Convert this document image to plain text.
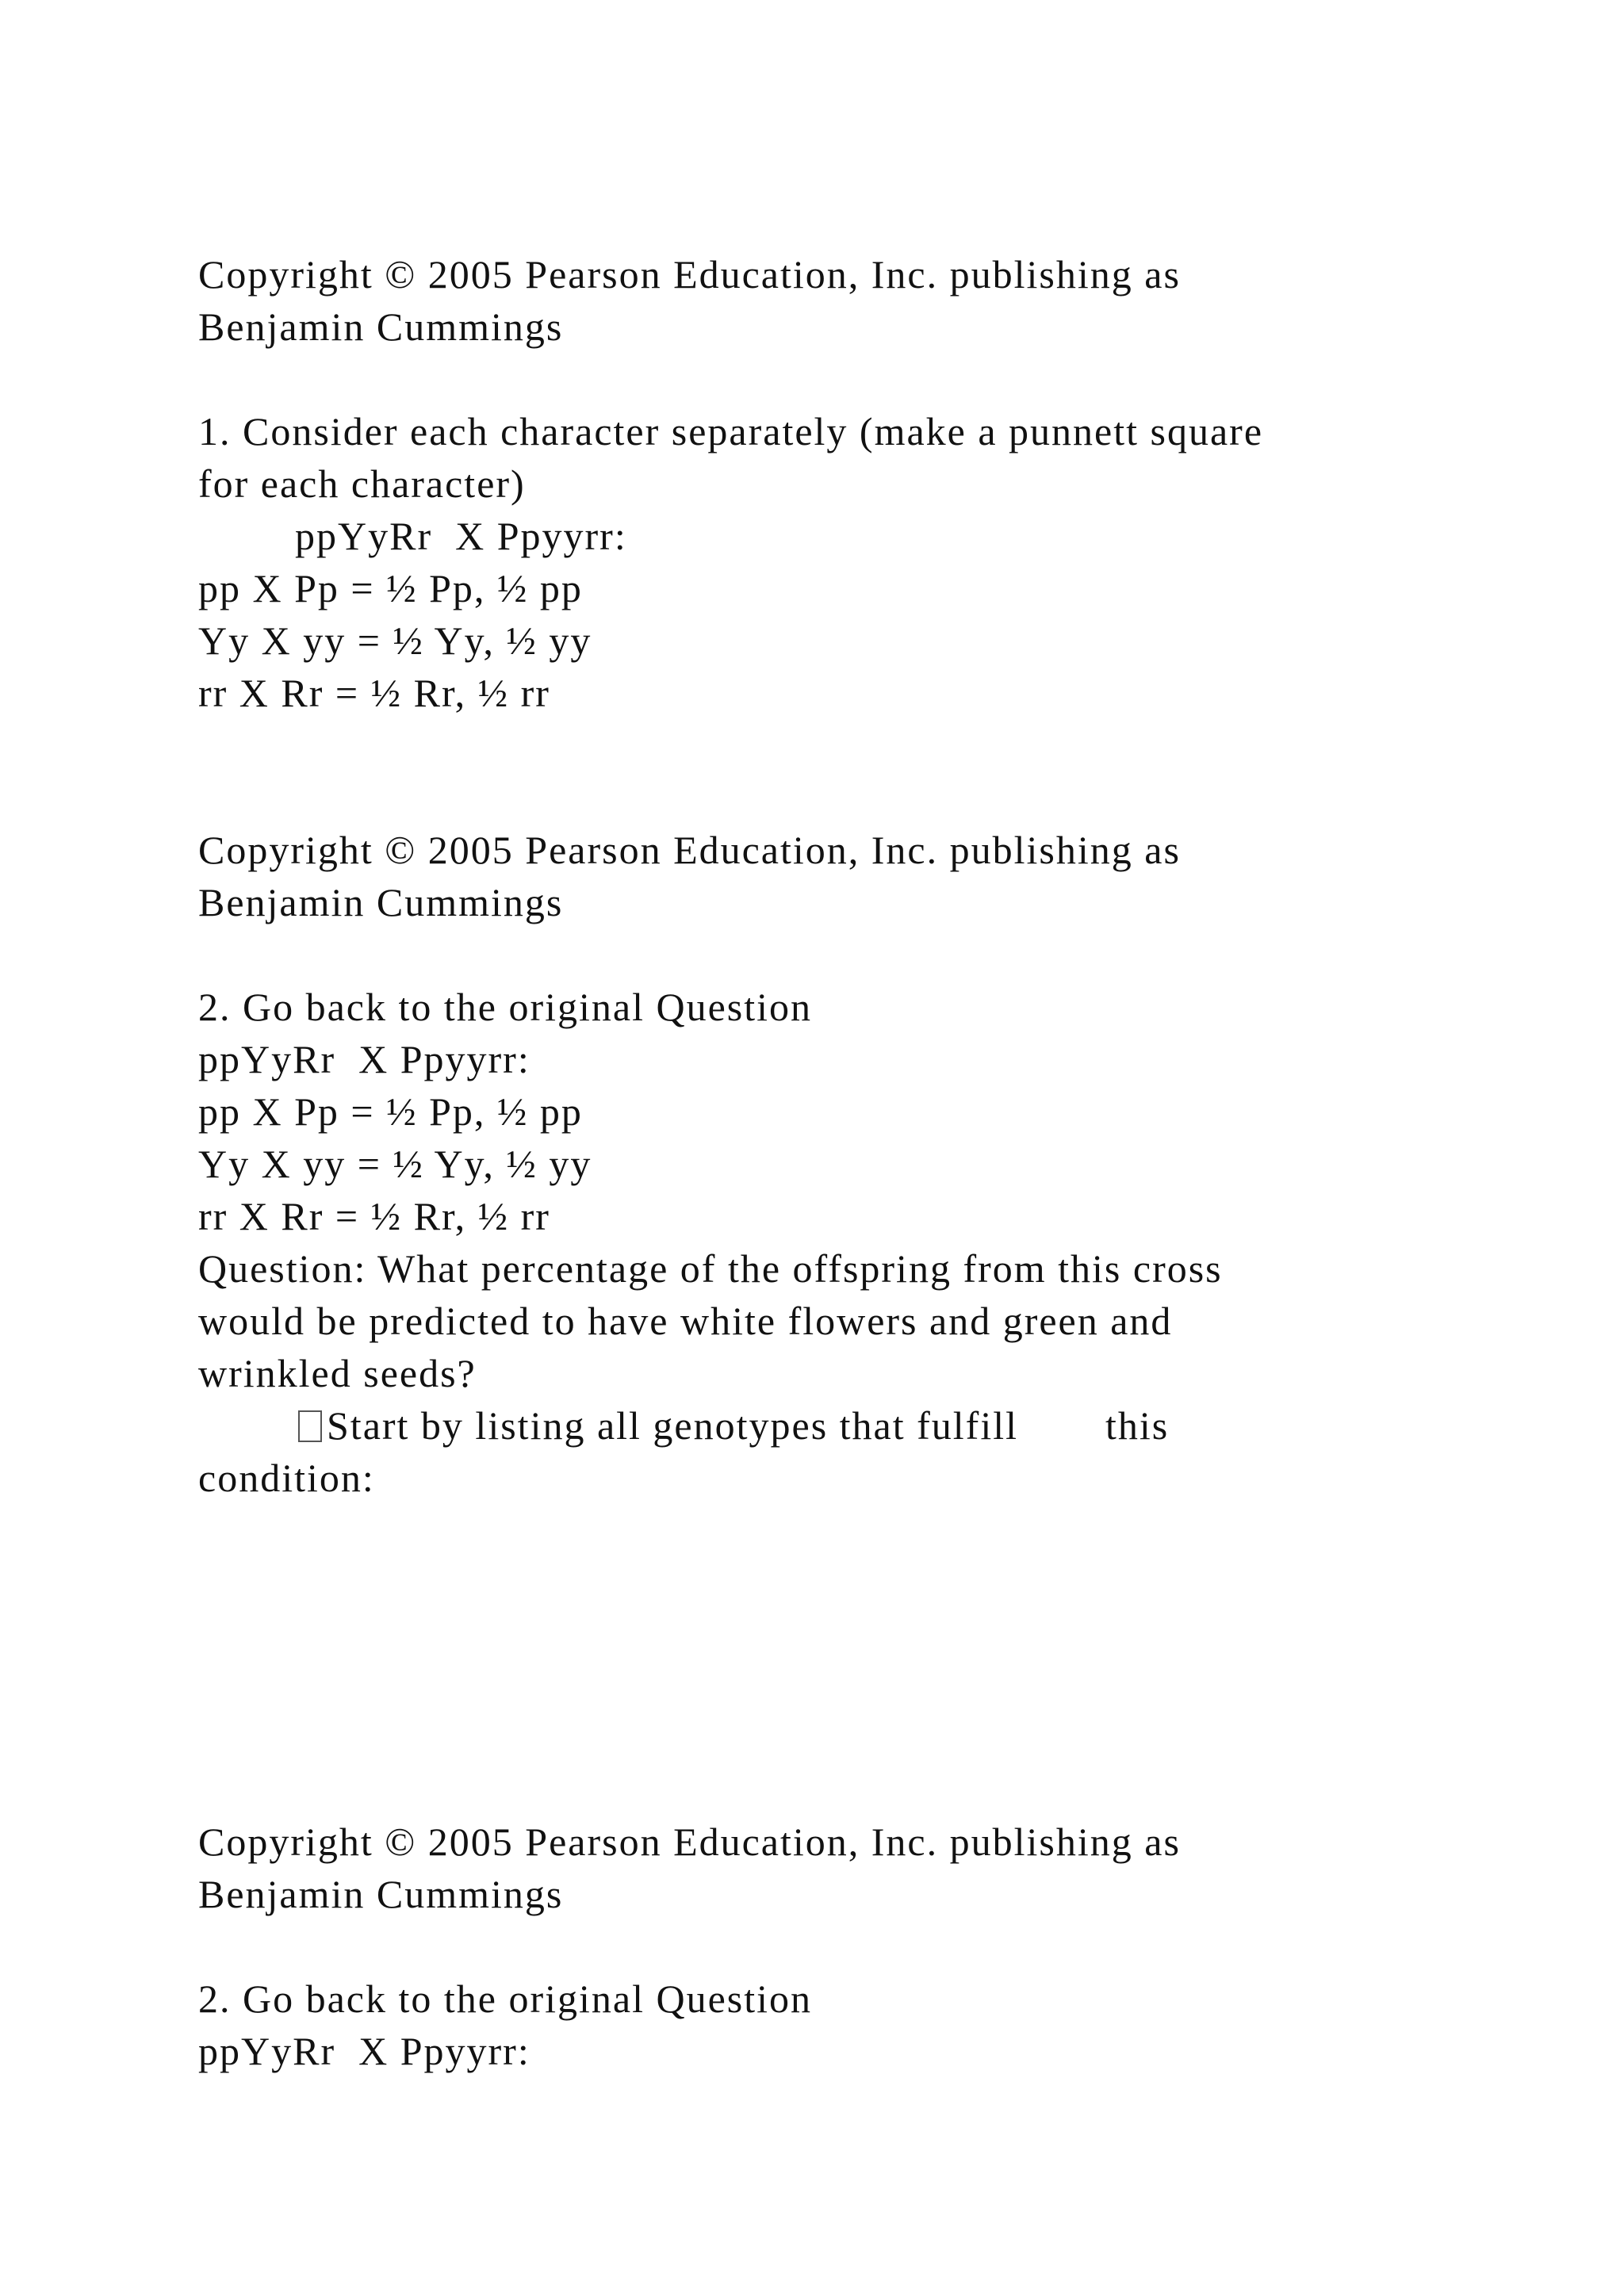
Copyright © 2005 Pearson Education, Inc. publishing as
Benjamin Cummings
1. Consider each character separately (make a punnett square
for each character)
ppYyRr  X Ppyyrr:
pp X Pp = ½ Pp, ½ pp
Yy X yy = ½ Yy, ½ yy
rr X Rr = ½ Rr, ½ rr
Copyright © 2005 Pearson Education, Inc. publishing as
Benjamin Cummings
2. Go back to the original Question
ppYyRr  X Ppyyrr:
pp X Pp = ½ Pp, ½ pp
Yy X yy = ½ Yy, ½ yy
rr X Rr = ½ Rr, ½ rr
Question: What percentage of the offspring from this cross
would be predicted to have white flowers and green and
wrinkled seeds?
Start by listing all genotypes that fulfill this
condition:
Copyright © 2005 Pearson Education, Inc. publishing as
Benjamin Cummings
2. Go back to the original Question
ppYyRr  X Ppyyrr:
